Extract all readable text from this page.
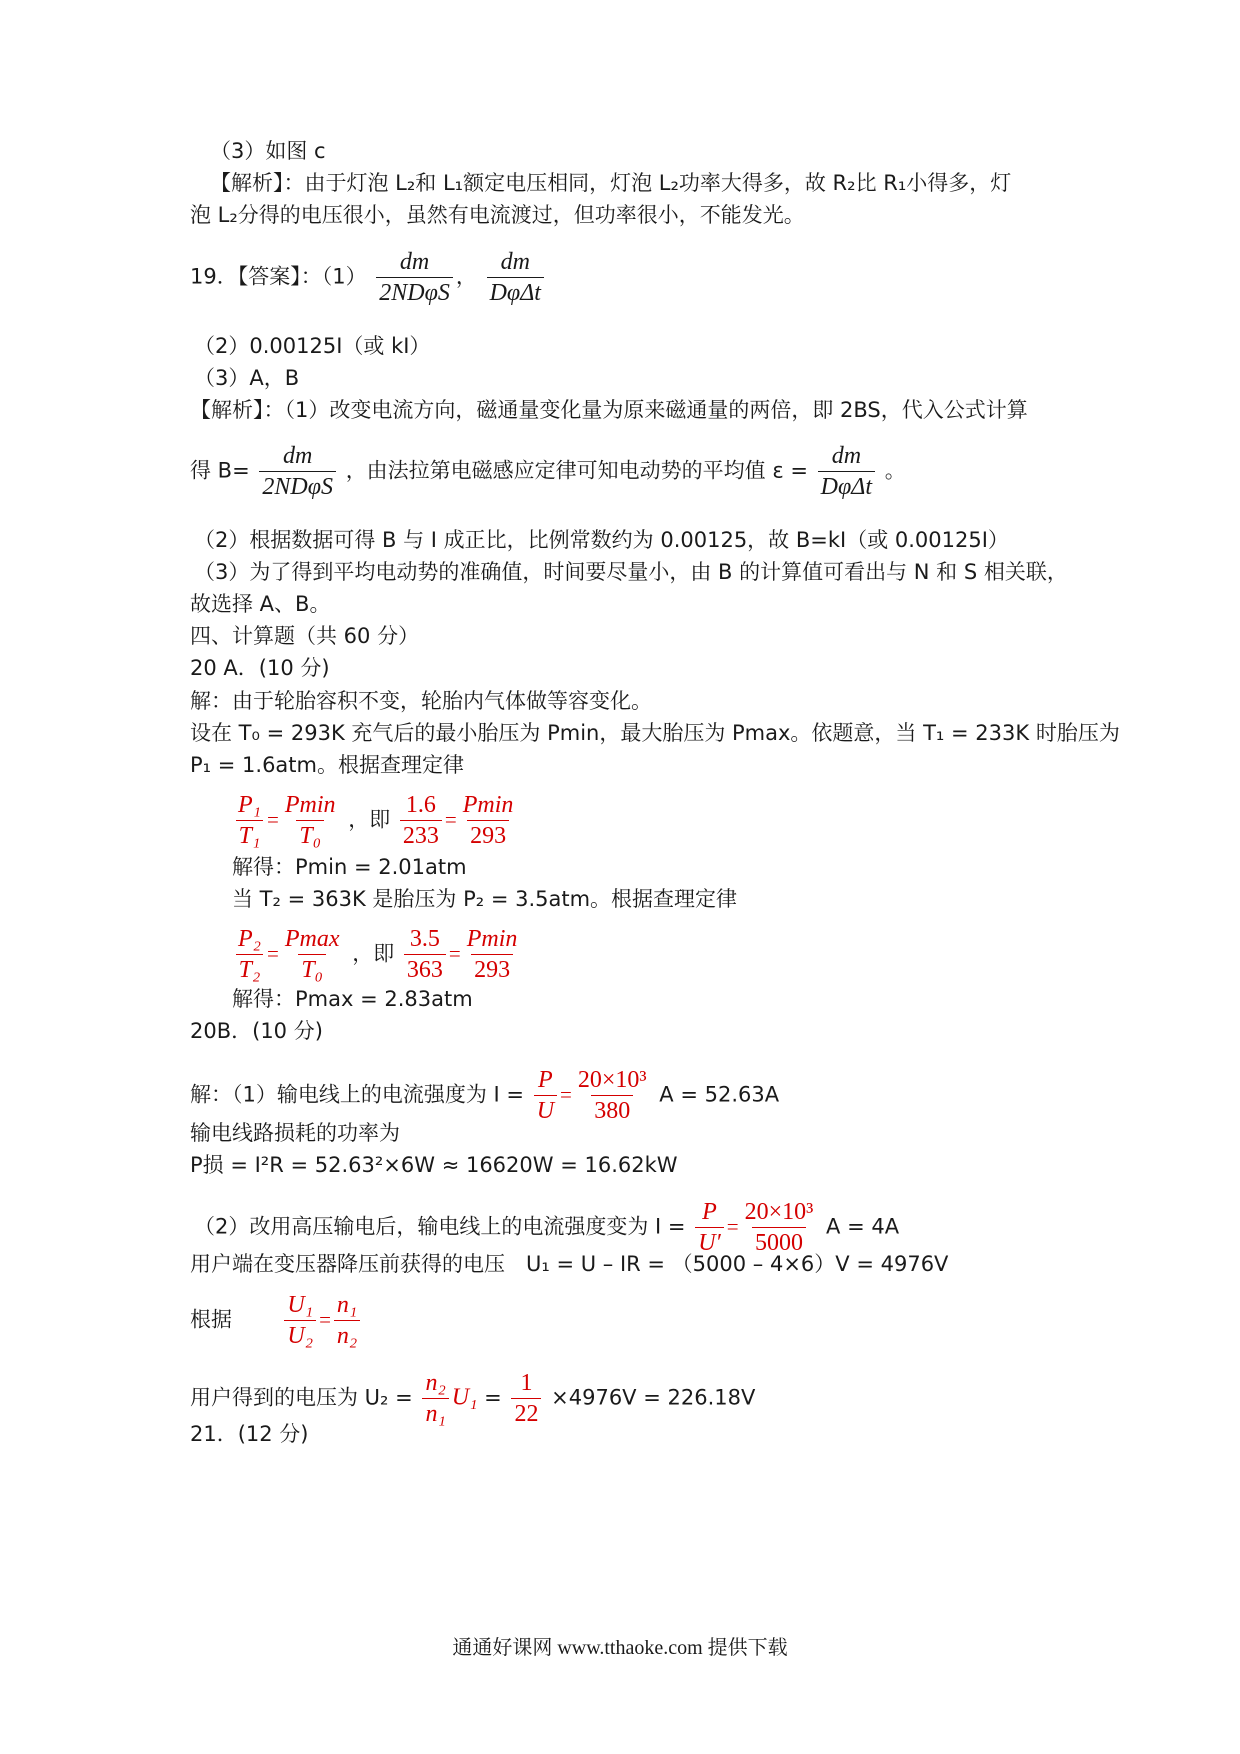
（3）如图 c
【解析】：由于灯泡 L₂和 L₁额定电压相同，灯泡 L₂功率大得多，故 R₂比 R₁小得多，灯
泡 L₂分得的电压很小，虽然有电流渡过，但功率很小，不能发光。
19．【答案】：$(1) \frac{dm}{\text{2NDφS}}$ ， $\frac{dm}{\text{DφΔt}}$
（2）0.00125I（或 kI）
（3）A，B
【解析】：（1）改变电流方向，磁通量变化量为原来磁通量的两倍，即 2BS，代入公式计算
得 $B= \frac{dm}{\text{2NDφS}}$ ，由法拉第电磁感应定律可知电动势的平均值 $\varepsilon = \frac{dm}{\text{DφΔt}}$ 。
（2）根据数据可得 B 与 I 成正比，比例常数约为 0.00125，故 B=kI（或 0.00125I）
（3）为了得到平均电动势的准确值，时间要尽量小，由 B 的计算值可看出与 N 和 S 相关联，
故选择 A、B。
四、计算题（共 60 分）
20 A．(10 分)
解：由于轮胎容积不变，轮胎内气体做等容变化。
设在 T₀ = 293K 充气后的最小胎压为 Pmin，最大胎压为 Pmax。依题意，当 T₁ = 233K 时胎压为
P₁ = 1.6atm。根据查理定律
$\frac{\text{P₁}}{\text{T₁}} = \frac{Pmin}{\text{T₀}}$ ，即 $\frac{1.6}{233} = \frac{Pmin}{293}$
解得：Pmin = 2.01atm
当 T₂ = 363K 是胎压为 P₂ = 3.5atm。根据查理定律
$\frac{\text{P₂}}{\text{T₂}} = \frac{Pmax}{\text{T₀}}$ ，即 $\frac{3.5}{363} = \frac{Pmin}{293}$
解得：Pmax = 2.83atm
20B．(10 分)
解：（1）输电线上的电流强度为 $I = \frac{P}{U} = \frac{\text{20×10³}}{380}$ A = 52.63A
输电线路损耗的功率为
P损 = I²R = 52.63²×6W ≈ 16620W = 16.62kW
（2）改用高压输电后，输电线上的电流强度变为 $I = \frac{P}{U'} = \frac{\text{20×10³}}{5000}$ A = 4A
用户端在变压器降压前获得的电压　U₁ = U – IR = （5000 – 4×6）V = 4976V
根据 $\frac{\text{U₁}}{\text{U₂}} = \frac{\text{n₁}}{\text{n₂}}$
用户得到的电压为 $U_2 = \frac{\text{n₂}}{\text{n₁}} U_1 = \frac{1}{22} \times 4976V = 226.18V$
21．(12 分)
通通好课网 www.tthaoke.com 提供下载
